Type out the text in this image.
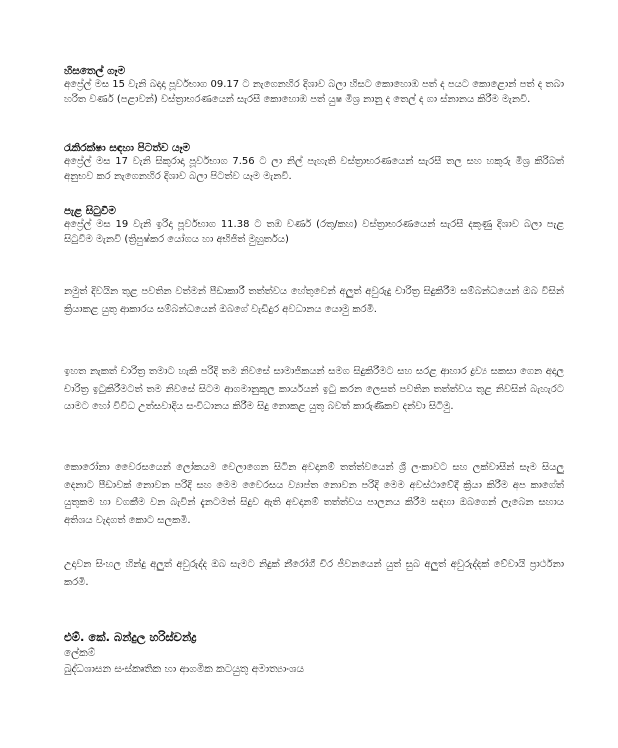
හිසතෙල් ගෑම

අප්‍රේල් මස 15 වැනි බදාදා පූර්වභාග 09.17 ට නැගෙනහිර දිශාව බලා හිසට කොහොඹ පත් ද පයට කොළොන් පත් ද තබා හරිත වර්ණ (පළාවන්) වස්ත්‍රාභරණයෙන් සැරසී කොහොඹ පත් යුෂ මිශ්‍ර නානු ද තෙල් ද ගා ස්නානය කිරීම මැනවි.

රැකිරක්ෂා සඳහා පිටත්ව යෑම

අප්‍රේල් මස 17 වැනි සිකුරාදා පූර්වභාග 7.56 ට ලා නිල් පැහැති වස්ත්‍රාභරණයෙන් සැරසී තල සහ හකුරු මිශ්‍ර කිරිබත් අනුභව කර නැගෙනහිර දිශාව බලා පිටත්ව යෑම මැනවි.

පැළ සිටුවීම

අප්‍රේල් මස 19 වැනි ඉරිදා පූර්වභාග 11.38 ට තඹ වර්ණ (රතු/කහ) වස්ත්‍රාභරණයෙන් සැරසී දකුණු දිශාව බලා පැළ සිටුවීම මැනවි (ත්‍රිපුෂ්කර යෝගය හා අභිජිත් මුහුර්තය)

නමුත් දිවයින තුළ පවතින වත්මන් පීඩාකාරී තත්ත්වය හේතුවෙන් අලුත් අවුරුදු චාරිත්‍ර සිදුකිරීම සම්බන්ධයෙන් ඔබ විසින් ක්‍රියාකළ යුතු ආකාරය සම්බන්ධයෙන් ඔබගේ වැඩිදුර අවධානය යොමු කරමි.

ඉහත නැකත් චාරිත්‍ර තමාට හැකි පරිදි තම නිවසේ සාමාජිකයන් සමග සිදුකිරීමට සහ සරළ ආහාර ද්‍රව්‍ය සකසා ගෙන අදාල චාරිත්‍ර ඉටුකිරීමටත් තම නිවසේ සිටම ආගමානුකූල කාර්යයන් ඉටු කරන ලෙසත් පවතින තත්ත්වය තුළ නිවසින් බැහැරට යාමට හෝ විවිධ උත්සවාදිය සංවිධානය කිරීම සිදු නොකළ යුතු බවත් කාරුණිකව දන්වා සිටිමු.

කොරෝනා වෛරසයෙන් ලෝකයම වෙලාගෙන සිටින අවදානම් තත්ත්වයෙන් ශ්‍රී ලංකාවට සහ ලක්වාසීන් සෑම සියලු දෙනාට පීඩාවක් නොවන පරිදි සහ මෙම වෛරසය ව්‍යාප්ත නොවන පරිදි මෙම අවස්ථාවේදී ක්‍රියා කිරීම අප කාගේත් යුතුකම හා වගකීම වන බැවින් දැනටමත් සිදුව ඇති අවදානම් තත්ත්වය පාලනය කිරීම සඳහා ඔබගෙන් ලැබෙන සහාය අතිශය වැදගත් කොට සලකමි.

උදාවන සිංහල හින්දු අලුත් අවුරුද්ද ඔබ සැමට නිදුක් නීරෝගී චිර ජීවනයෙන් යුත් සුබ අලුත් අවුරුද්දක් වේවායි ප්‍රාර්ථනා කරමි.

එම්. කේ. බන්දුල හරිස්චන්ද්‍ර

ලේකම්

බුද්ධශාසන සංස්කෘතික හා ආගමික කටයුතු අමාත්‍යාංශය
